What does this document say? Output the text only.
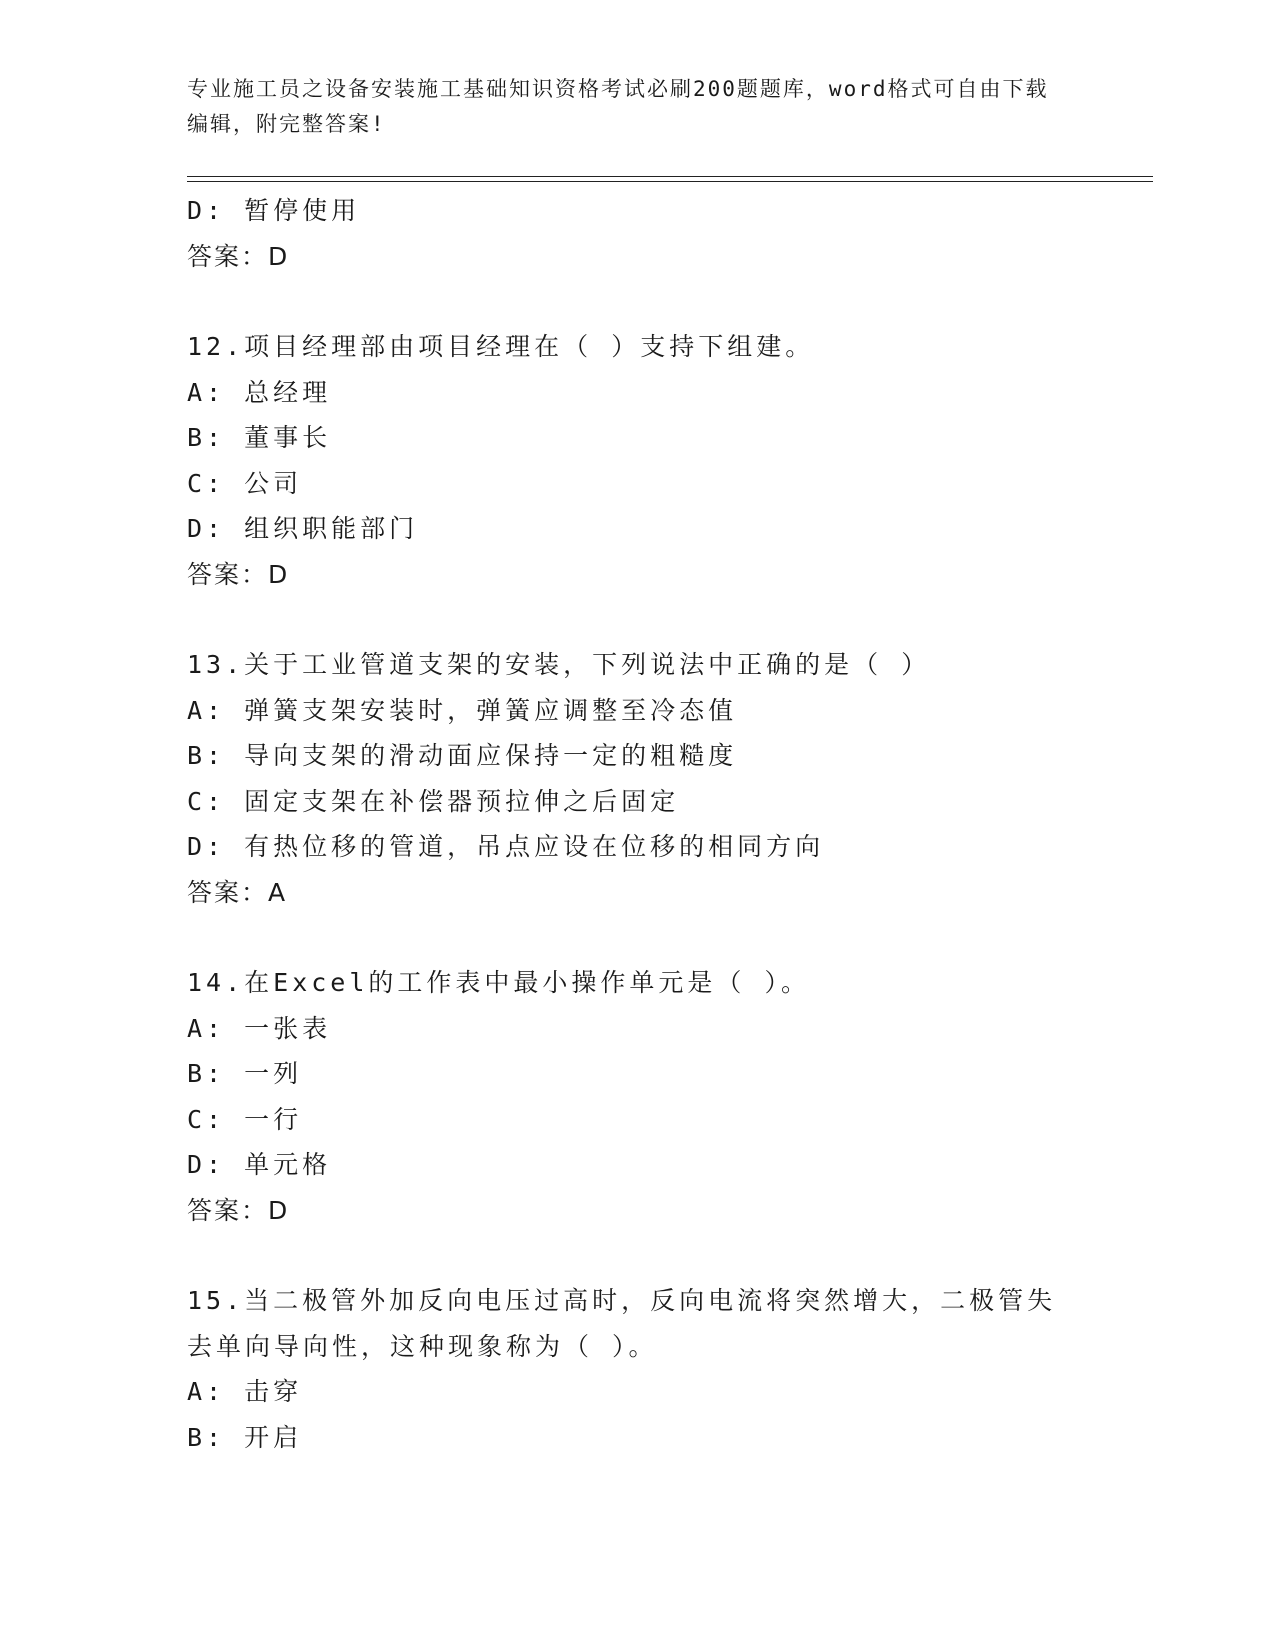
专业施工员之设备安装施工基础知识资格考试必刷200题题库，word格式可自由下载编辑，附完整答案!
D: 暂停使用
答案：D
12.项目经理部由项目经理在（ ）支持下组建。
A: 总经理
B: 董事长
C: 公司
D: 组织职能部门
答案：D
13.关于工业管道支架的安装，下列说法中正确的是（ ）
A: 弹簧支架安装时，弹簧应调整至冷态值
B: 导向支架的滑动面应保持一定的粗糙度
C: 固定支架在补偿器预拉伸之后固定
D: 有热位移的管道，吊点应设在位移的相同方向
答案：A
14.在Excel的工作表中最小操作单元是（ ）。
A: 一张表
B: 一列
C: 一行
D: 单元格
答案：D
15.当二极管外加反向电压过高时，反向电流将突然增大，二极管失去单向导向性，这种现象称为（ ）。
A: 击穿
B: 开启
